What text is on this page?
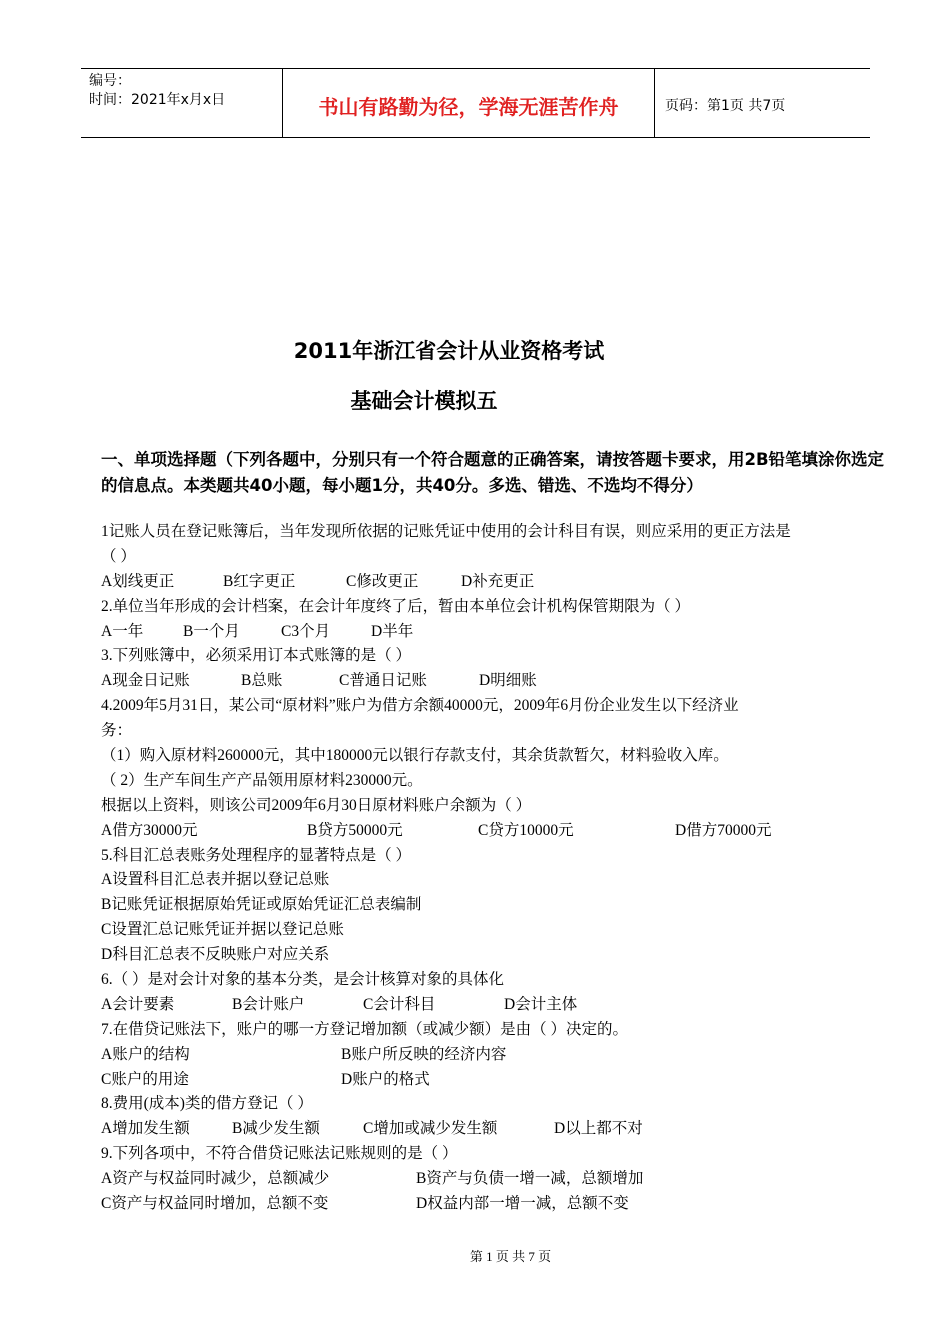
编号：
时间：2021年x月x日	书山有路勤为径，学海无涯苦作舟	页码：第1页 共7页
2011年浙江省会计从业资格考试
基础会计模拟五
一、单项选择题（下列各题中，分别只有一个符合题意的正确答案，请按答题卡要求，用2B铅笔填涂你选定的信息点。本类题共40小题，每小题1分，共40分。多选、错选、不选均不得分）
1记账人员在登记账簿后，当年发现所依据的记账凭证中使用的会计科目有误，则应采用的更正方法是
（ ）
A划线更正	B红字更正	C修改更正	D补充更正
2.单位当年形成的会计档案，在会计年度终了后，暂由本单位会计机构保管期限为（ ）
A一年	B一个月	C3个月	D半年
3.下列账簿中，必须采用订本式账簿的是（ ）
A现金日记账	B总账	C普通日记账	D明细账
4.2009年5月31日，某公司“原材料”账户为借方余额40000元，2009年6月份企业发生以下经济业
务：
（1）购入原材料260000元，其中180000元以银行存款支付，其余货款暂欠，材料验收入库。
（ 2）生产车间生产产品领用原材料230000元。
根据以上资料，则该公司2009年6月30日原材料账户余额为（ ）
A借方30000元	B贷方50000元	C贷方10000元	D借方70000元
5.科目汇总表账务处理程序的显著特点是（ ）
A设置科目汇总表并据以登记总账
B记账凭证根据原始凭证或原始凭证汇总表编制
C设置汇总记账凭证并据以登记总账
D科目汇总表不反映账户对应关系
6.（ ）是对会计对象的基本分类，是会计核算对象的具体化
A会计要素	B会计账户	C会计科目	D会计主体
7.在借贷记账法下，账户的哪一方登记增加额（或减少额）是由（ ）决定的。
A账户的结构	B账户所反映的经济内容
C账户的用途	D账户的格式
8.费用(成本)类的借方登记（ ）
A增加发生额	B减少发生额	C增加或减少发生额	D以上都不对
9.下列各项中，不符合借贷记账法记账规则的是（ ）
A资产与权益同时减少，总额减少	B资产与负债一增一减，总额增加
C资产与权益同时增加，总额不变	D权益内部一增一减，总额不变
第 1 页 共 7 页
